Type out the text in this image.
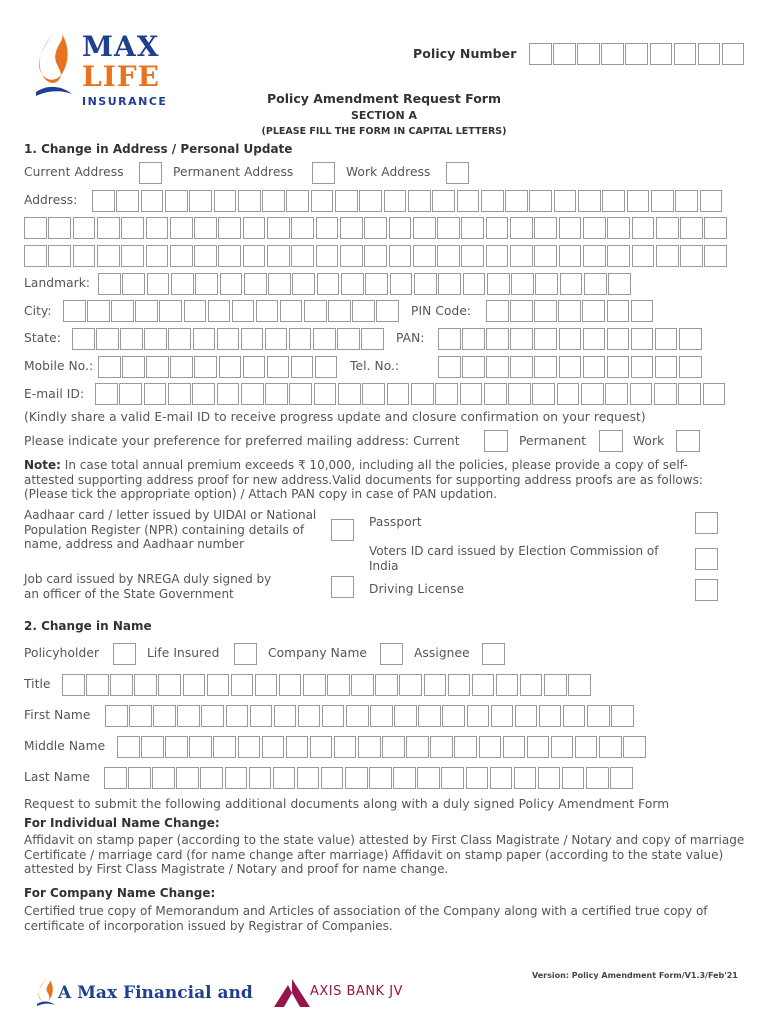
MAX
LIFE
INSURANCE
Policy Number
Policy Amendment Request Form
SECTION A
(PLEASE FILL THE FORM IN CAPITAL LETTERS)
1. Change in Address / Personal Update
Current Address	Permanent Address	Work Address
Address:
Landmark:
City:	PIN Code:
State:	PAN:
Mobile No.:	Tel. No.:
E-mail ID:
(Kindly share a valid E-mail ID to receive progress update and closure confirmation on your request)
Please indicate your preference for preferred mailing address: Current	Permanent	Work
Note: In case total annual premium exceeds ₹ 10,000, including all the policies, please provide a copy of self-attested supporting address proof for new address.Valid documents for supporting address proofs are as follows: (Please tick the appropriate option) / Attach PAN copy in case of PAN updation.
Aadhaar card / letter issued by UIDAI or National Population Register (NPR) containing details of name, address and Aadhaar number
Passport
Voters ID card issued by Election Commission of India
Job card issued by NREGA duly signed by an officer of the State Government	Driving License
2. Change in Name
Policyholder	Life Insured	Company Name	Assignee
Title
First Name
Middle Name
Last Name
Request to submit the following additional documents along with a duly signed Policy Amendment Form
For Individual Name Change:
Affidavit on stamp paper (according to the state value) attested by First Class Magistrate / Notary and copy of marriage Certificate / marriage card (for name change after marriage) Affidavit on stamp paper (according to the state value) attested by First Class Magistrate / Notary and proof for name change.
For Company Name Change:
Certified true copy of Memorandum and Articles of association of the Company along with a certified true copy of certificate of incorporation issued by Registrar of Companies.
Version: Policy Amendment Form/V1.3/Feb'21
A Max Financial and	AXIS BANK JV
